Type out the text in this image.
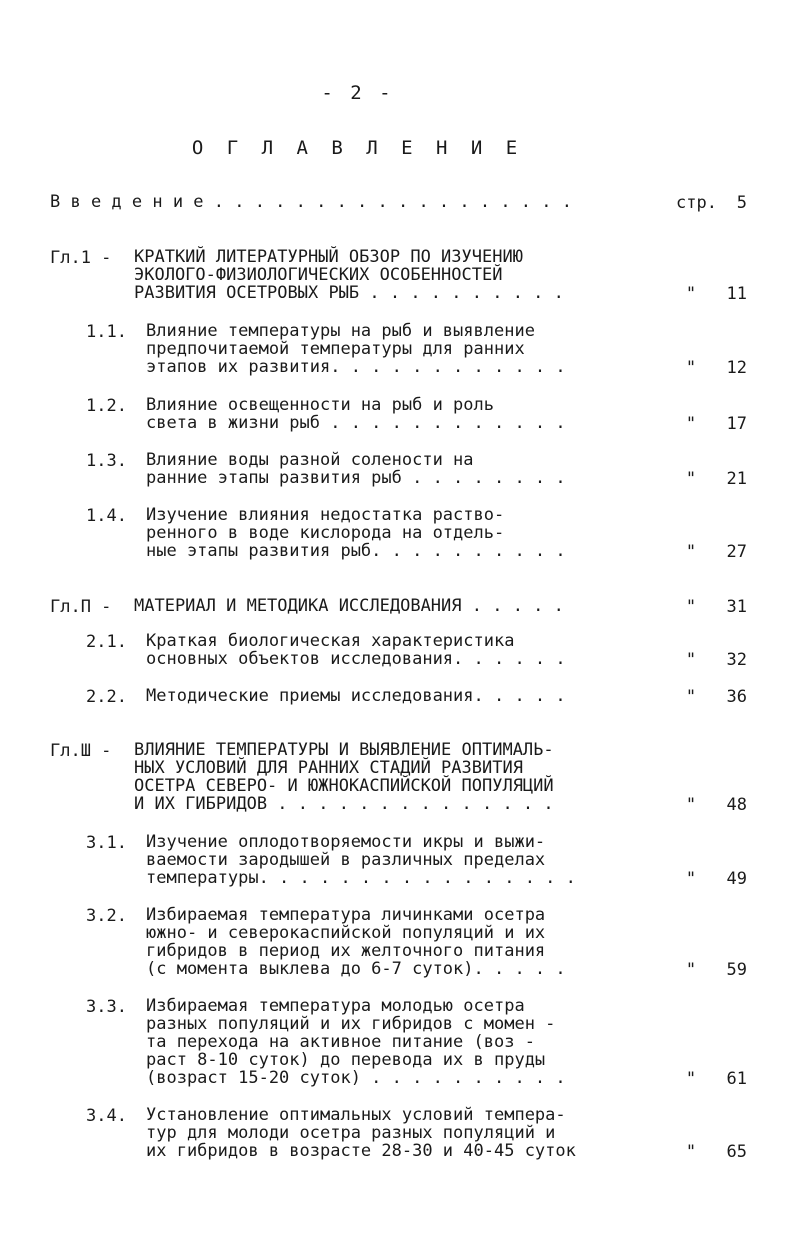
- 2 -
О Г Л А В Л Е Н И Е
В в е д е н и е . . . . . . . . . . . . . . . . . .	стр.	5
Гл.1 - КРАТКИЙ ЛИТЕРАТУРНЫЙ ОБЗОР ПО ИЗУЧЕНИЮ
ЭКОЛОГО-ФИЗИОЛОГИЧЕСКИХ ОСОБЕННОСТЕЙ
РАЗВИТИЯ ОСЕТРОВЫХ РЫБ . . . . . . . . . .	"	11
1.1. Влияние температуры на рыб и выявление
предпочитаемой температуры для ранних
этапов их развития. . . . . . . . . . . .	"	12
1.2. Влияние освещенности на рыб и роль
света в жизни рыб . . . . . . . . . . . .	"	17
1.3. Влияние воды разной солености на
ранние этапы развития рыб . . . . . . . .	"	21
1.4. Изучение влияния недостатка раство-
ренного в воде кислорода на отдель-
ные этапы развития рыб. . . . . . . . . .	"	27
Гл.П - МАТЕРИАЛ И МЕТОДИКА ИССЛЕДОВАНИЯ . . . . .	"	31
2.1. Краткая биологическая характеристика
основных объектов исследования. . . . . .	"	32
2.2. Методические приемы исследования. . . . .	"	36
Гл.Ш - ВЛИЯНИЕ ТЕМПЕРАТУРЫ И ВЫЯВЛЕНИЕ ОПТИМАЛЬ-
НЫХ УСЛОВИЙ ДЛЯ РАННИХ СТАДИЙ РАЗВИТИЯ
ОСЕТРА СЕВЕРО- И ЮЖНОКАСПИЙСКОЙ ПОПУЛЯЦИЙ
И ИХ ГИБРИДОВ . . . . . . . . . . . . . .	"	48
3.1. Изучение оплодотворяемости икры и выжи-
ваемости зародышей в различных пределах
температуры. . . . . . . . . . . . . . . .	"	49
3.2. Избираемая температура личинками осетра
южно- и северокаспийской популяций и их
гибридов в период их желточного питания
(с момента выклева до 6-7 суток). . . . .	"	59
3.3. Избираемая температура молодью осетра
разных популяций и их гибридов с момен -
та перехода на активное питание (воз -
раст 8-10 суток) до перевода их в пруды
(возраст 15-20 суток) . . . . . . . . . .	"	61
3.4. Установление оптимальных условий темпера-
тур для молоди осетра разных популяций и
их гибридов в возрасте 28-30 и 40-45 суток	"	65
